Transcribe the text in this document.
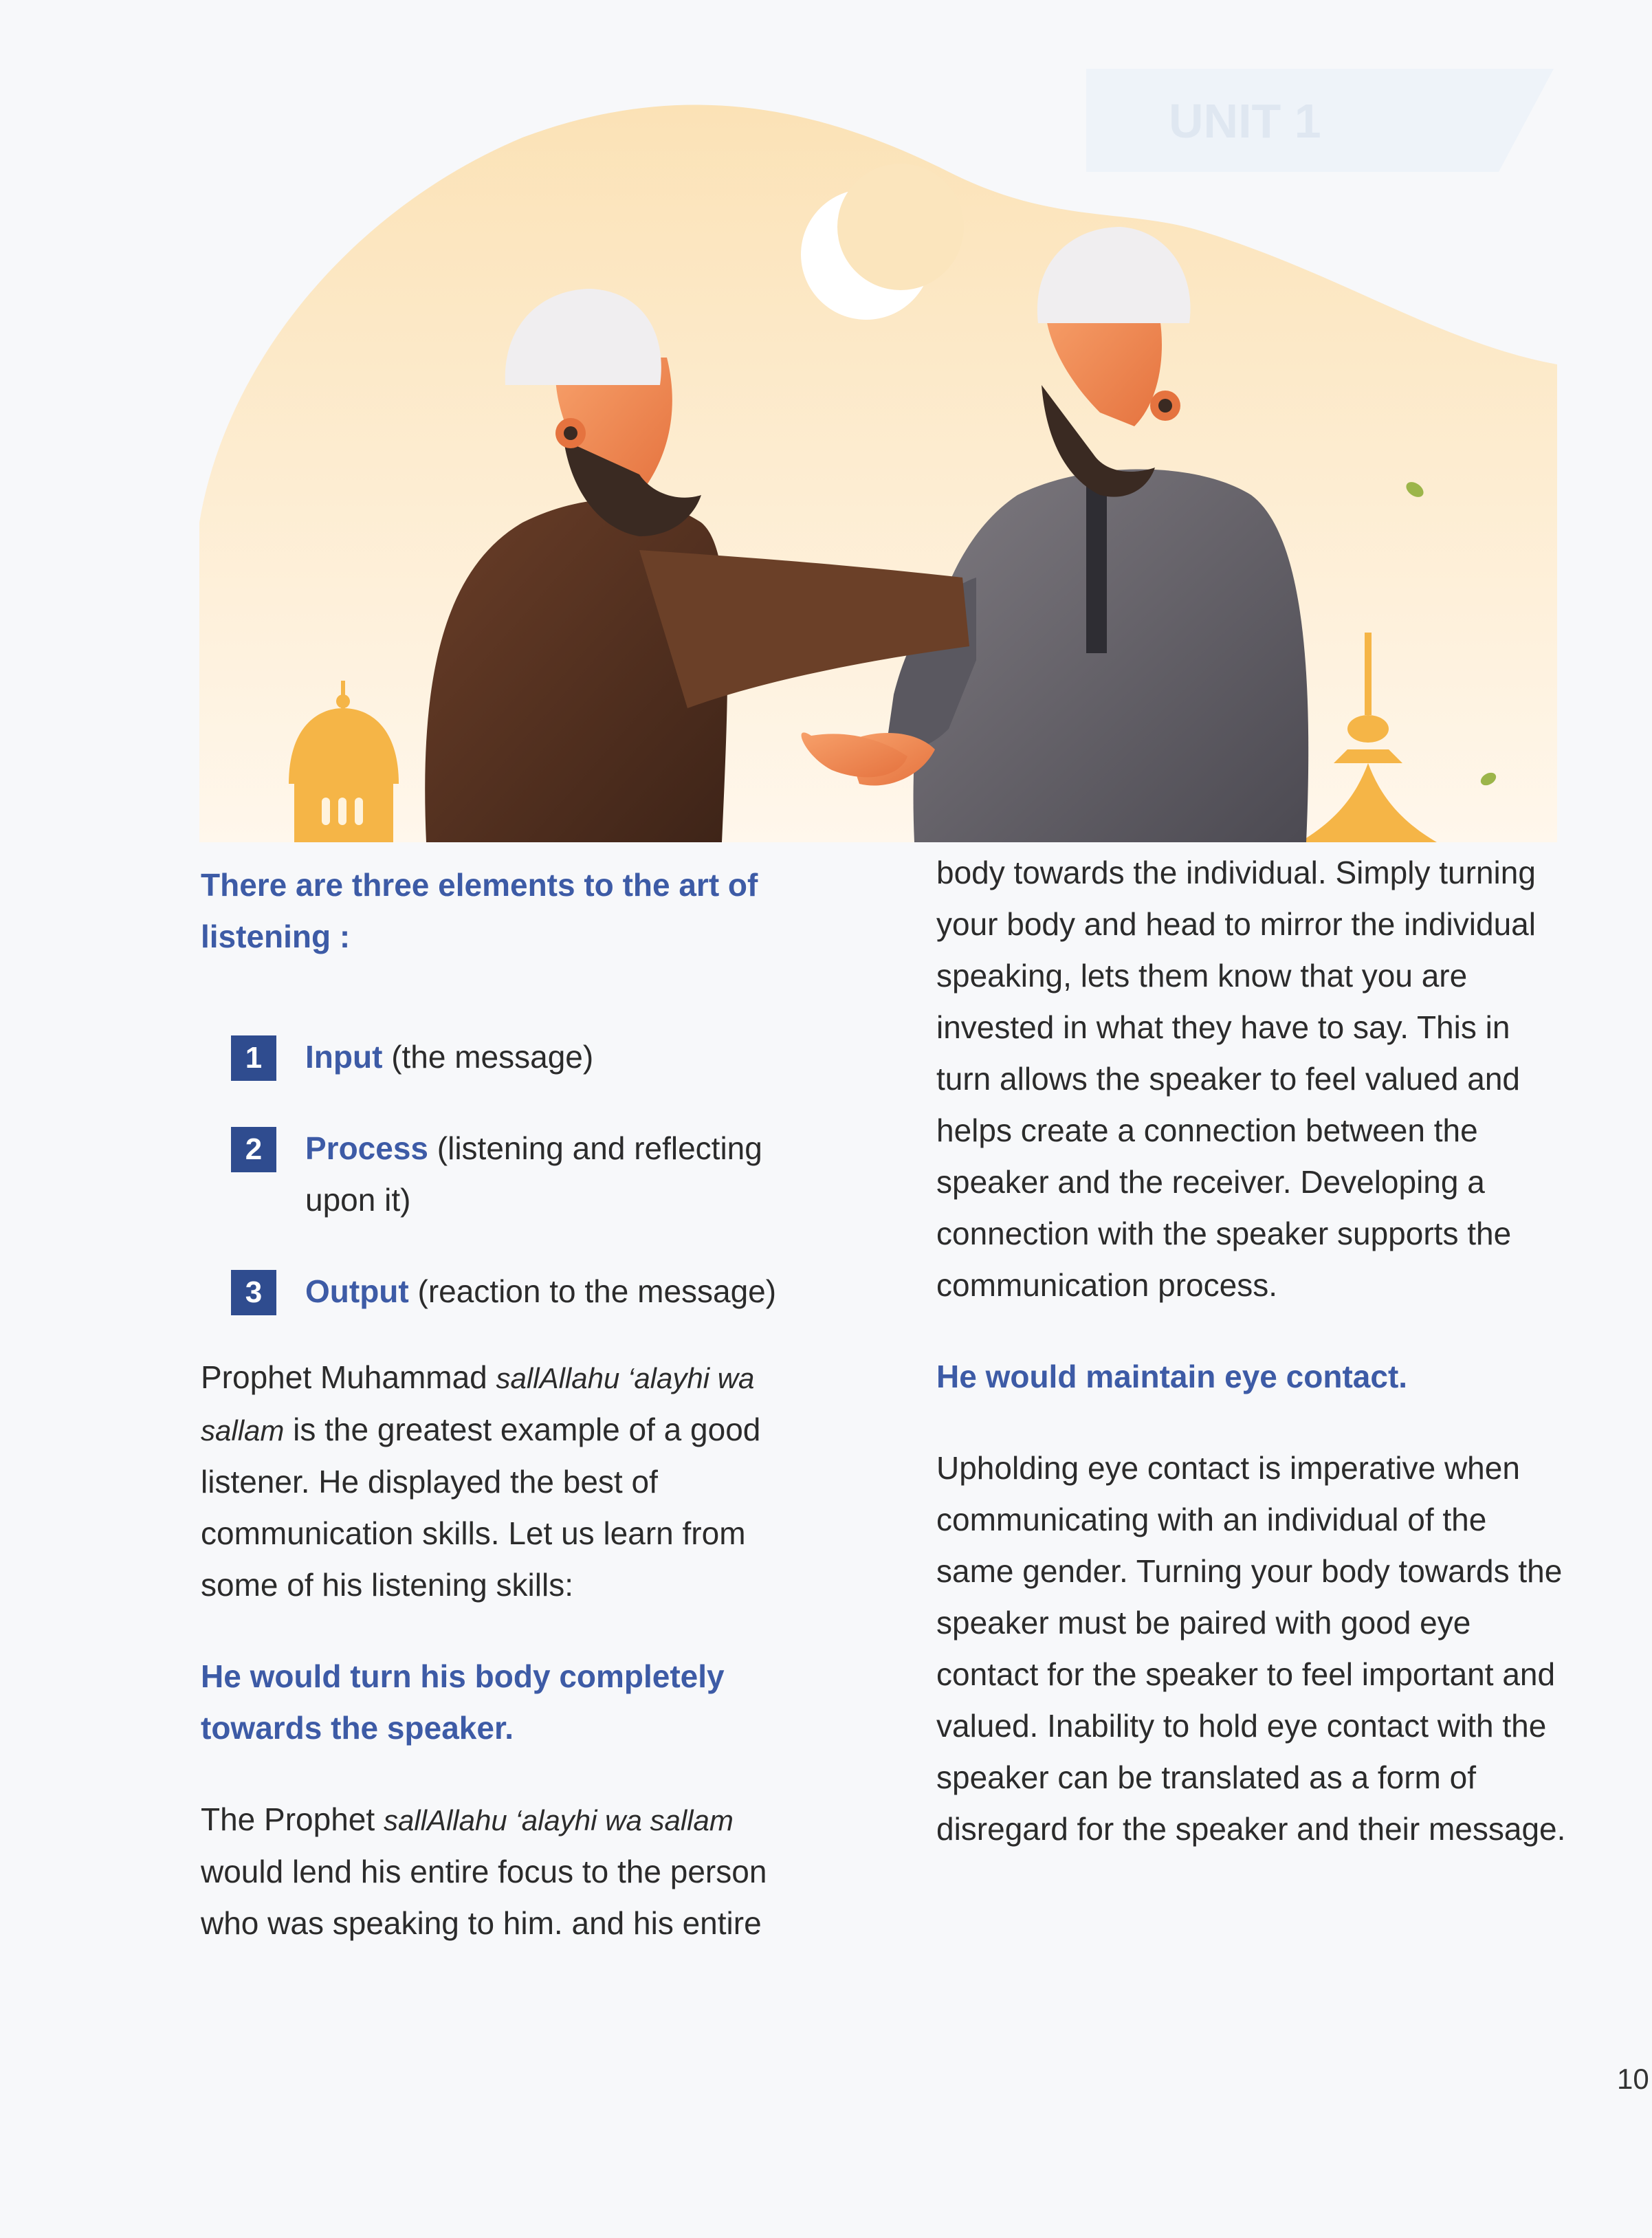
UNIT 1

There are three elements to the art of listening :

1	Input (the message)
2	Process (listening and reflecting upon it)
3	Output (reaction to the message)

Prophet Muhammad sallAllahu ‘alayhi wa sallam is the greatest example of a good listener. He displayed the best of communication skills. Let us learn from some of his listening skills:

He would turn his body completely towards the speaker.

The Prophet sallAllahu ‘alayhi wa sallam would lend his entire focus to the person who was speaking to him. and his entire

body towards the individual. Simply turning your body and head to mirror the individual speaking, lets them know that you are invested in what they have to say. This in turn allows the speaker to feel valued and helps create a connection between the speaker and the receiver. Developing a connection with the speaker supports the communication process.

He would maintain eye contact.

Upholding eye contact is imperative when communicating with an individual of the same gender. Turning your body towards the speaker must be paired with good eye contact for the speaker to feel important and valued. Inability to hold eye contact with the speaker can be translated as a form of disregard for the speaker and their message.

10
